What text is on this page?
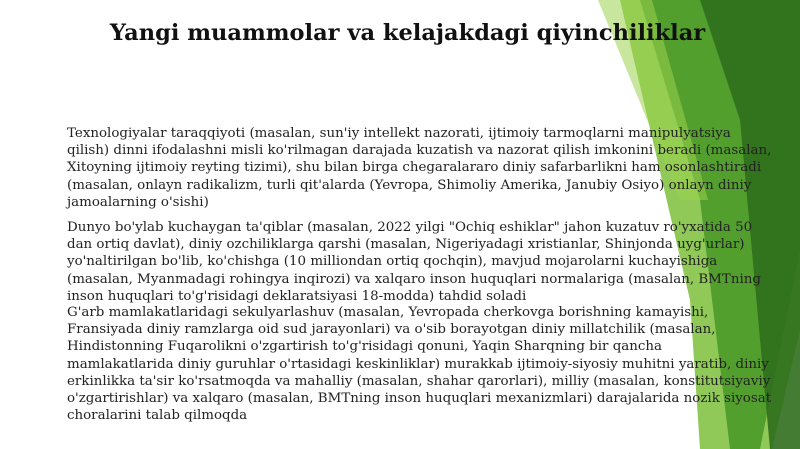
Yangi muammolar va kelajakdagi qiyinchiliklar

Texnologiyalar taraqqiyoti (masalan, sun'iy intellekt nazorati, ijtimoiy tarmoqlarni manipulyatsiya qilish) dinni ifodalashni misli ko'rilmagan darajada kuzatish va nazorat qilish imkonini beradi (masalan, Xitoyning ijtimoiy reyting tizimi), shu bilan birga chegaralararo diniy safarbarlikni ham osonlashtiradi (masalan, onlayn radikalizm, turli qit'alarda (Yevropa, Shimoliy Amerika, Janubiy Osiyo) onlayn diniy jamoalarning o'sishi)

Dunyo bo'ylab kuchaygan ta'qiblar (masalan, 2022 yilgi "Ochiq eshiklar" jahon kuzatuv ro'yxatida 50 dan ortiq davlat), diniy ozchiliklarga qarshi (masalan, Nigeriyadagi xristianlar, Shinjonda uyg'urlar) yo'naltirilgan bo'lib, ko'chishga (10 milliondan ortiq qochqin), mavjud mojarolarni kuchayishiga (masalan, Myanmadagi rohingya inqirozi) va xalqaro inson huquqlari normalariga (masalan, BMTning inson huquqlari to'g'risidagi deklaratsiyasi 18-modda) tahdid soladi

G'arb mamlakatlaridagi sekulyarlashuv (masalan, Yevropada cherkovga borishning kamayishi, Fransiyada diniy ramzlarga oid sud jarayonlari) va o'sib borayotgan diniy millatchilik (masalan, Hindistonning Fuqarolikni o'zgartirish to'g'risidagi qonuni, Yaqin Sharqning bir qancha mamlakatlarida diniy guruhlar o'rtasidagi keskinliklar) murakkab ijtimoiy-siyosiy muhitni yaratib, diniy erkinlikka ta'sir ko'rsatmoqda va mahalliy (masalan, shahar qarorlari), milliy (masalan, konstitutsiyaviy o'zgartirishlar) va xalqaro (masalan, BMTning inson huquqlari mexanizmlari) darajalarida nozik siyosat choralarini talab qilmoqda
